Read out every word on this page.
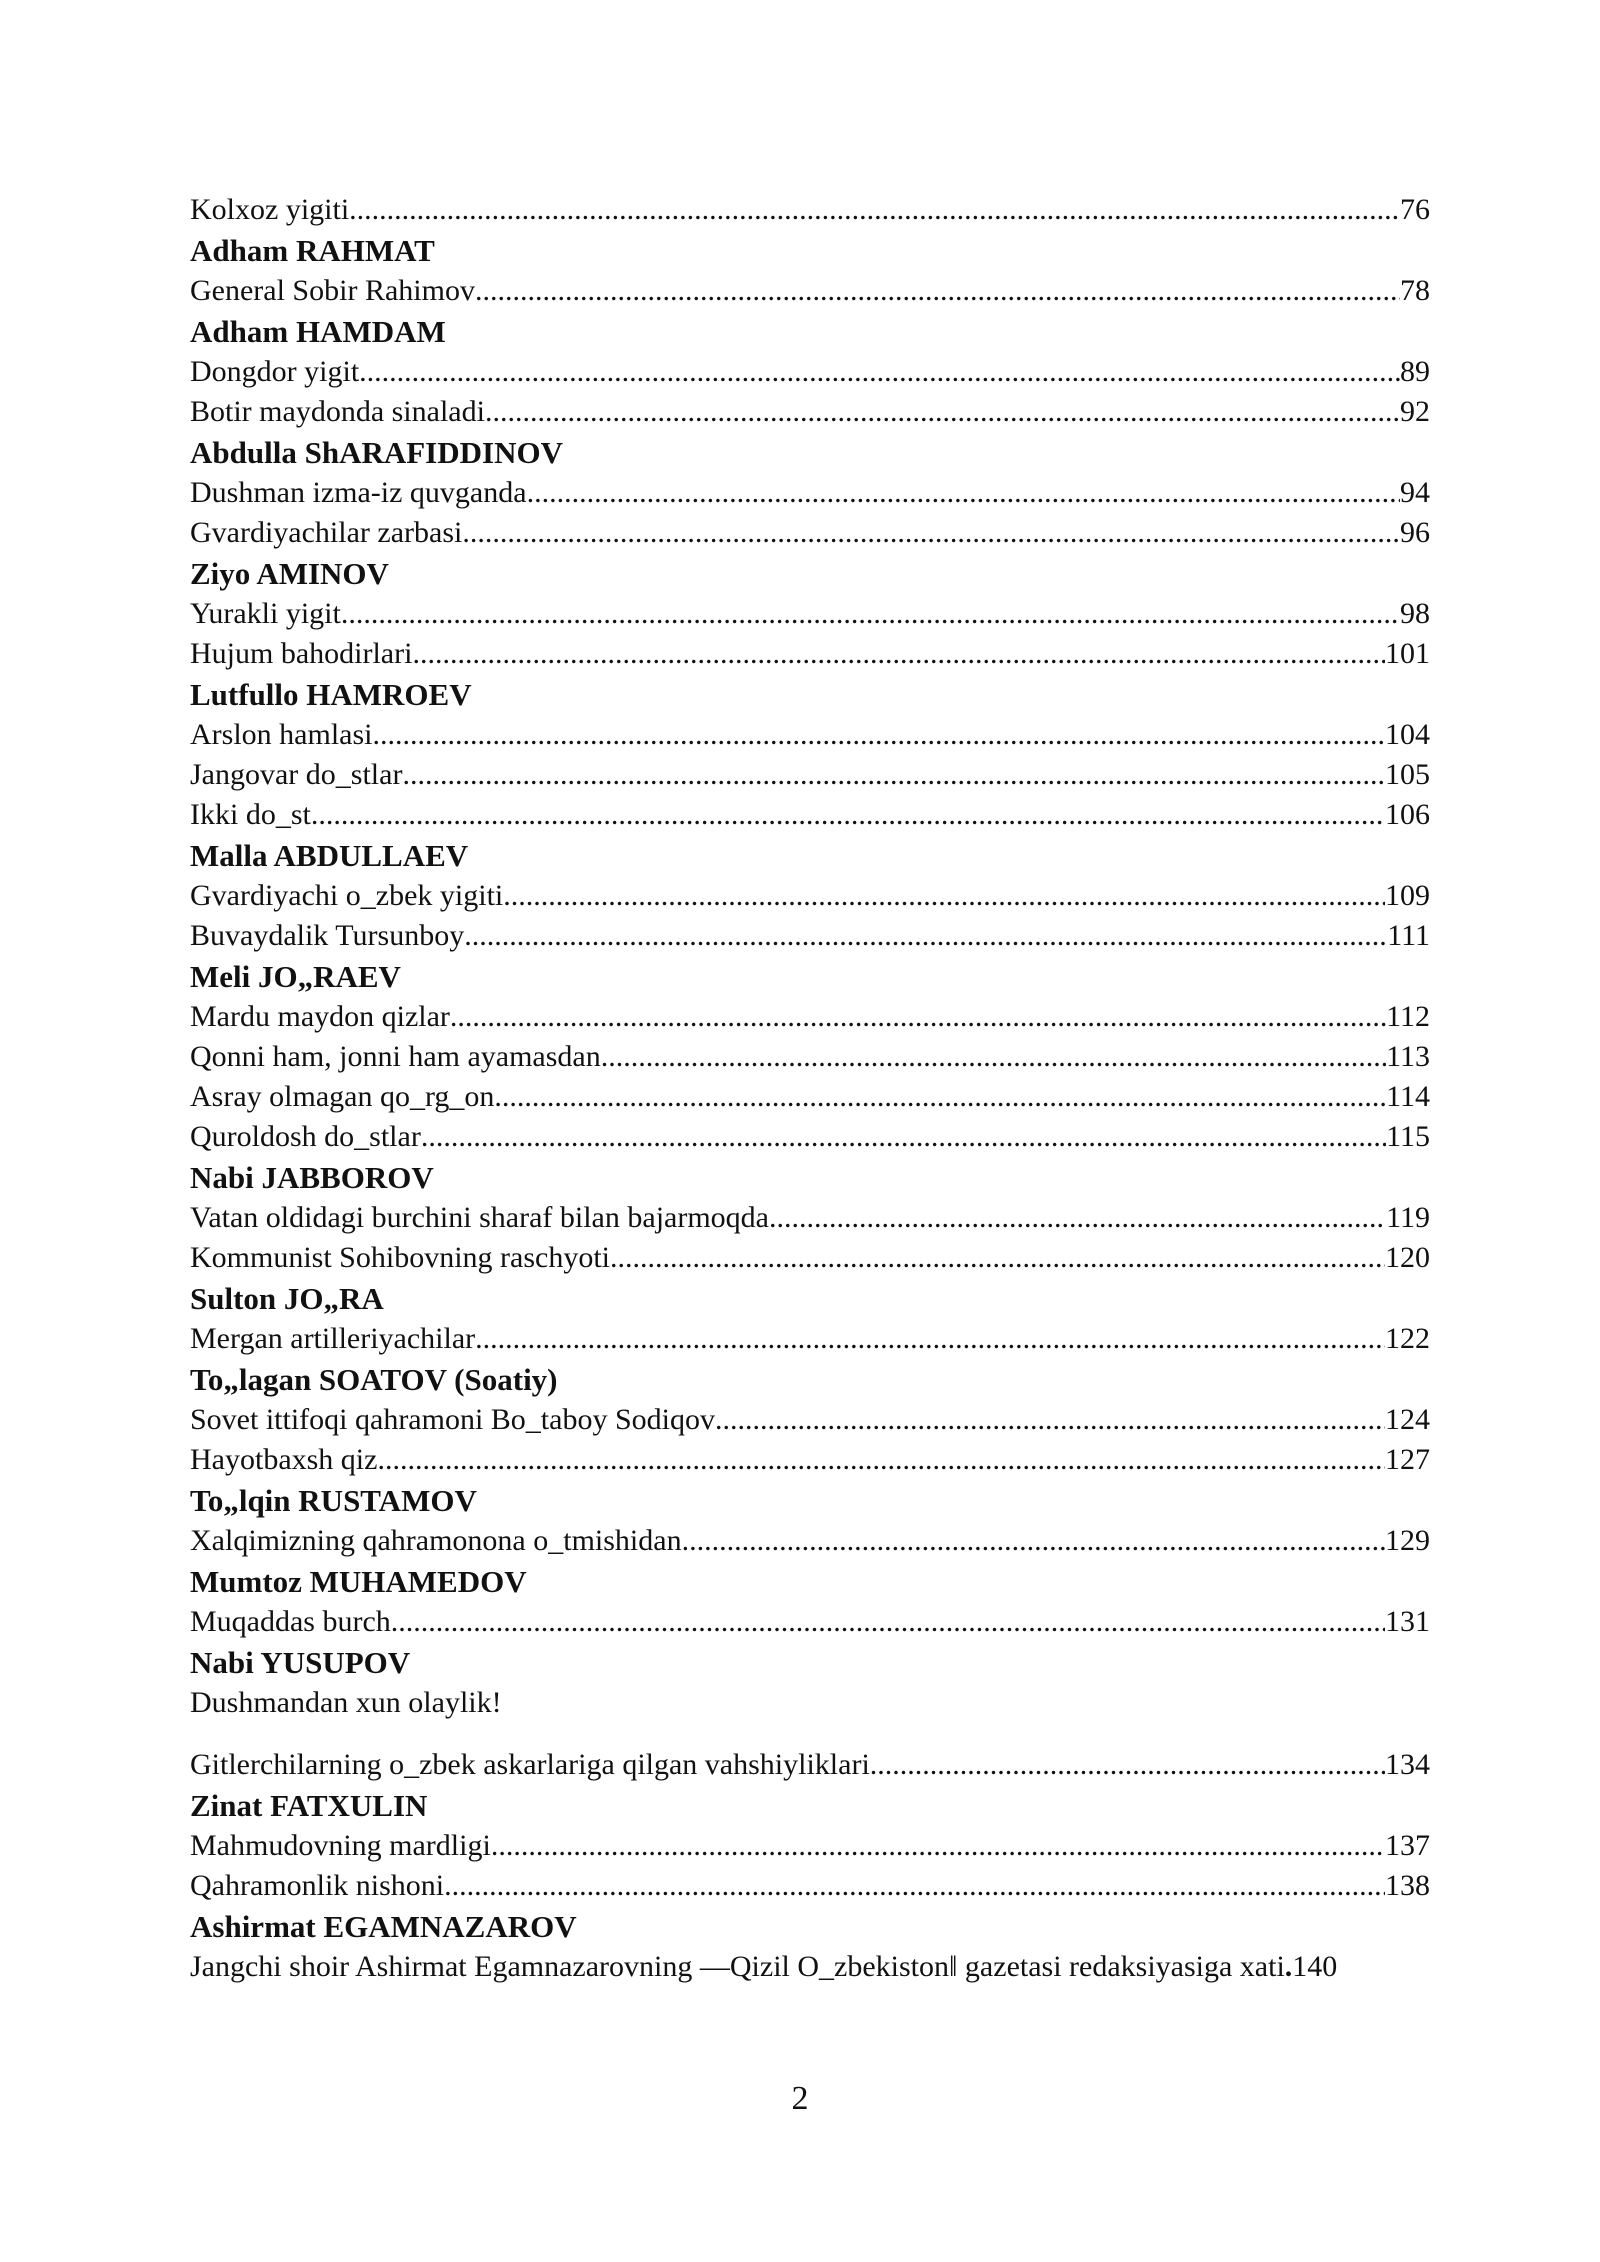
Kolxoz yigiti .....	76
Adham RAHMAT
General Sobir Rahimov .....	78
Adham HAMDAM
Dongdor yigit .....	89
Botir maydonda sinaladi .....	92
Abdulla ShARAFIDDINOV
Dushman izma-iz quvganda .....	94
Gvardiyachilar zarbasi .....	96
Ziyo AMINOV
Yurakli yigit .....	98
Hujum bahodirlari .....	101
Lutfullo HAMROEV
Arslon hamlasi .....	104
Jangovar do_stlar .....	105
Ikki do_st .....	106
Malla ABDULLAEV
Gvardiyachi o_zbek yigiti .....	109
Buvaydalik Tursunboy .....	111
Meli JO„RAEV
Mardu maydon qizlar .....	112
Qonni ham, jonni ham ayamasdan .....	113
Asray olmagan qo_rg_on .....	114
Quroldosh do_stlar .....	115
Nabi JABBOROV
Vatan oldidagi burchini sharaf bilan bajarmoqda .....	119
Kommunist Sohibovning raschyoti .....	120
Sulton JO„RA
Mergan artilleriyachilar .....	122
To„lagan SOATOV (Soatiy)
Sovet ittifoqi qahramoni Bo_taboy Sodiqov .....	124
Hayotbaxsh qiz .....	127
To„lqin RUSTAMOV
Xalqimizning qahramonona o_tmishidan .....	129
Mumtoz MUHAMEDOV
Muqaddas burch .....	131
Nabi YUSUPOV
Dushmandan xun olaylik!
Gitlerchilarning o_zbek askarlariga qilgan vahshiyliklari .....	134
Zinat FATXULIN
Mahmudovning mardligi .....	137
Qahramonlik nishoni .....	138
Ashirmat EGAMNAZAROV
Jangchi shoir Ashirmat Egamnazarovning ―Qizil O_zbekiston‖ gazetasi redaksiyasiga xati . 140
2
